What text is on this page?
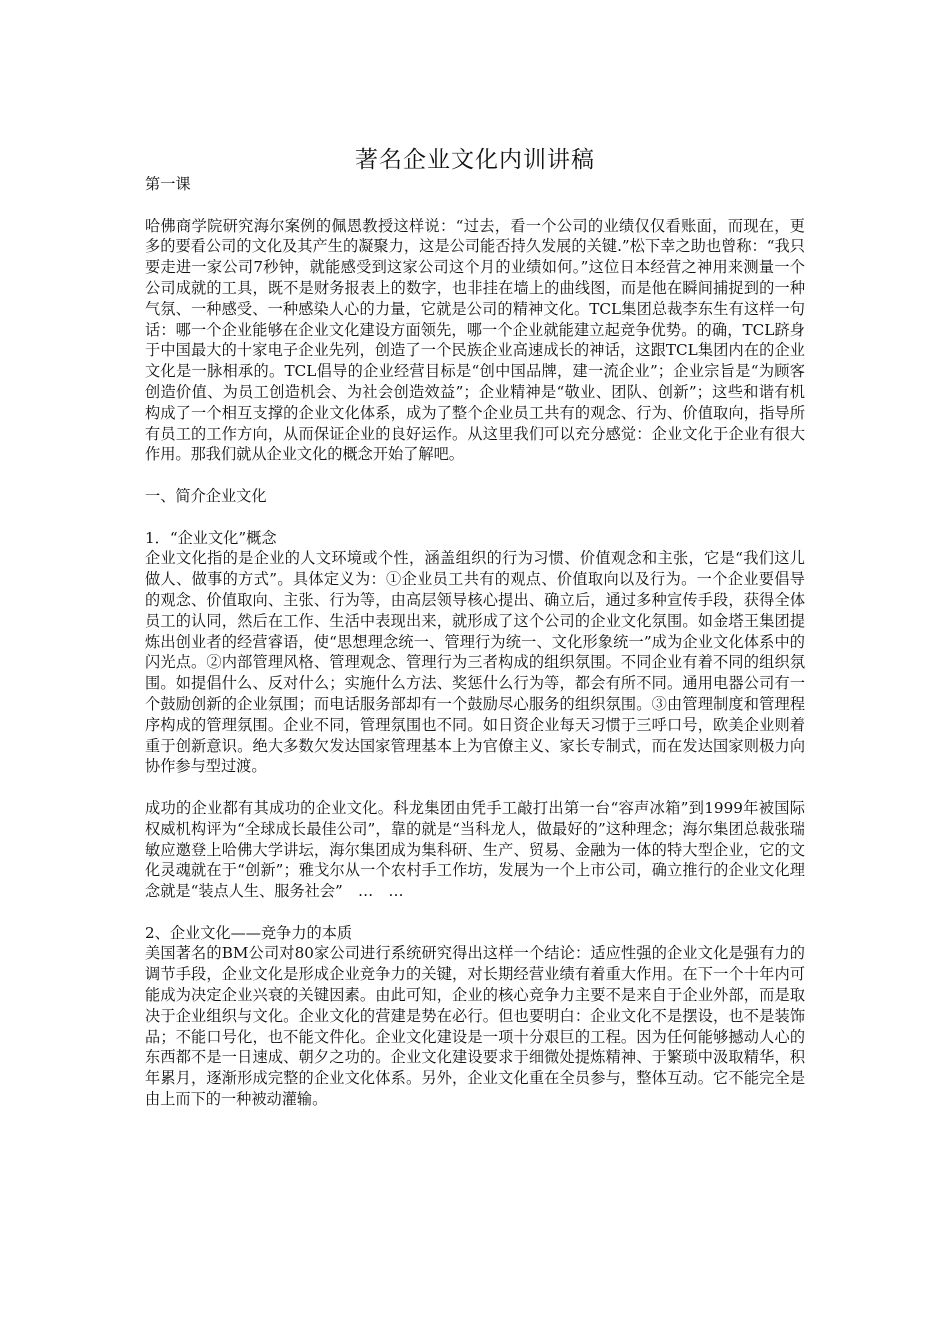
著名企业文化内训讲稿

第一课

哈佛商学院研究海尔案例的佩恩教授这样说：“过去，看一个公司的业绩仅仅看账面，而现在，更多的要看公司的文化及其产生的凝聚力，这是公司能否持久发展的关键.”松下幸之助也曾称：“我只要走进一家公司7秒钟，就能感受到这家公司这个月的业绩如何。”这位日本经营之神用来测量一个公司成就的工具，既不是财务报表上的数字，也非挂在墙上的曲线图，而是他在瞬间捕捉到的一种气氛、一种感受、一种感染人心的力量，它就是公司的精神文化。TCL集团总裁李东生有这样一句话：哪一个企业能够在企业文化建设方面领先，哪一个企业就能建立起竞争优势。的确，TCL跻身于中国最大的十家电子企业先列，创造了一个民族企业高速成长的神话，这跟TCL集团内在的企业文化是一脉相承的。TCL倡导的企业经营目标是“创中国品牌，建一流企业”；企业宗旨是“为顾客创造价值、为员工创造机会、为社会创造效益”；企业精神是“敬业、团队、创新”；这些和谐有机构成了一个相互支撑的企业文化体系，成为了整个企业员工共有的观念、行为、价值取向，指导所有员工的工作方向，从而保证企业的良好运作。从这里我们可以充分感觉：企业文化于企业有很大作用。那我们就从企业文化的概念开始了解吧。

一、简介企业文化

1．“企业文化”概念

企业文化指的是企业的人文环境或个性，涵盖组织的行为习惯、价值观念和主张，它是“我们这儿做人、做事的方式”。具体定义为：①企业员工共有的观点、价值取向以及行为。一个企业要倡导的观念、价值取向、主张、行为等，由高层领导核心提出、确立后，通过多种宣传手段，获得全体员工的认同，然后在工作、生活中表现出来，就形成了这个公司的企业文化氛围。如金塔王集团提炼出创业者的经营睿语，使“思想理念统一、管理行为统一、文化形象统一”成为企业文化体系中的闪光点。②内部管理风格、管理观念、管理行为三者构成的组织氛围。不同企业有着不同的组织氛围。如提倡什么、反对什么；实施什么方法、奖惩什么行为等，都会有所不同。通用电器公司有一个鼓励创新的企业氛围；而电话服务部却有一个鼓励尽心服务的组织氛围。③由管理制度和管理程序构成的管理氛围。企业不同，管理氛围也不同。如日资企业每天习惯于三呼口号，欧美企业则着重于创新意识。绝大多数欠发达国家管理基本上为官僚主义、家长专制式，而在发达国家则极力向协作参与型过渡。

成功的企业都有其成功的企业文化。科龙集团由凭手工敲打出第一台“容声冰箱”到1999年被国际权威机构评为“全球成长最佳公司”，靠的就是“当科龙人，做最好的”这种理念；海尔集团总裁张瑞敏应邀登上哈佛大学讲坛，海尔集团成为集科研、生产、贸易、金融为一体的特大型企业，它的文化灵魂就在于“创新”；雅戈尔从一个农村手工作坊，发展为一个上市公司，确立推行的企业文化理念就是“装点人生、服务社会”　…　…

2、企业文化——竞争力的本质

美国著名的BM公司对80家公司进行系统研究得出这样一个结论：适应性强的企业文化是强有力的调节手段，企业文化是形成企业竞争力的关键，对长期经营业绩有着重大作用。在下一个十年内可能成为决定企业兴衰的关键因素。由此可知，企业的核心竞争力主要不是来自于企业外部，而是取决于企业组织与文化。企业文化的营建是势在必行。但也要明白：企业文化不是摆设，也不是装饰品；不能口号化，也不能文件化。企业文化建设是一项十分艰巨的工程。因为任何能够撼动人心的东西都不是一日速成、朝夕之功的。企业文化建设要求于细微处提炼精神、于繁琐中汲取精华，积年累月，逐渐形成完整的企业文化体系。另外，企业文化重在全员参与，整体互动。它不能完全是由上而下的一种被动灌输。
